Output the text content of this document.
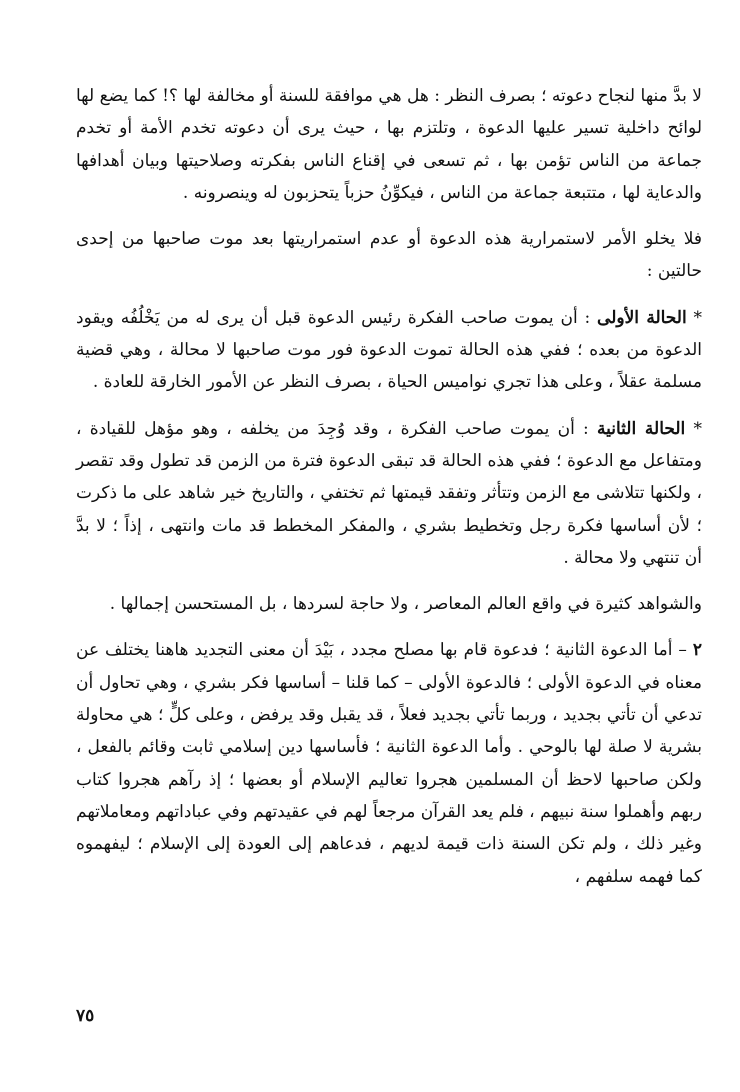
لا بدَّ منها لنجاح دعوته ؛ بصرف النظر : هل هي موافقة للسنة أو مخالفة لها ؟! كما يضع لها لوائح داخلية تسير عليها الدعوة ، وتلتزم بها ، حيث يرى أن دعوته تخدم الأمة أو تخدم جماعة من الناس تؤمن بها ، ثم تسعى في إقناع الناس بفكرته وصلاحيتها وبيان أهدافها والدعاية لها ، متتبعة جماعة من الناس ، فيكوِّنُ حزباً يتحزبون له وينصرونه .

فلا يخلو الأمر لاستمرارية هذه الدعوة أو عدم استمراريتها بعد موت صاحبها من إحدى حالتين :

* الحالة الأولى : أن يموت صاحب الفكرة رئيس الدعوة قبل أن يرى له من يَخْلُفُه ويقود الدعوة من بعده ؛ ففي هذه الحالة تموت الدعوة فور موت صاحبها لا محالة ، وهي قضية مسلمة عقلاً ، وعلى هذا تجري نواميس الحياة ، بصرف النظر عن الأمور الخارقة للعادة .

* الحالة الثانية : أن يموت صاحب الفكرة ، وقد وُجِدَ من يخلفه ، وهو مؤهل للقيادة ، ومتفاعل مع الدعوة ؛ ففي هذه الحالة قد تبقى الدعوة فترة من الزمن قد تطول وقد تقصر ، ولكنها تتلاشى مع الزمن وتتأثر وتفقد قيمتها ثم تختفي ، والتاريخ خير شاهد على ما ذكرت ؛ لأن أساسها فكرة رجل وتخطيط بشري ، والمفكر المخطط قد مات وانتهى ، إذاً ؛ لا بدَّ أن تنتهي ولا محالة .

والشواهد كثيرة في واقع العالم المعاصر ، ولا حاجة لسردها ، بل المستحسن إجمالها .

٢ – أما الدعوة الثانية ؛ فدعوة قام بها مصلح مجدد ، بَيْدَ أن معنى التجديد هاهنا يختلف عن معناه في الدعوة الأولى ؛ فالدعوة الأولى – كما قلنا – أساسها فكر بشري ، وهي تحاول أن تدعي أن تأتي بجديد ، وربما تأتي بجديد فعلاً ، قد يقبل وقد يرفض ، وعلى كلٍّ ؛ هي محاولة بشرية لا صلة لها بالوحي . وأما الدعوة الثانية ؛ فأساسها دين إسلامي ثابت وقائم بالفعل ، ولكن صاحبها لاحظ أن المسلمين هجروا تعاليم الإسلام أو بعضها ؛ إذ رآهم هجروا كتاب ربهم وأهملوا سنة نبيهم ، فلم يعد القرآن مرجعاً لهم في عقيدتهم وفي عباداتهم ومعاملاتهم وغير ذلك ، ولم تكن السنة ذات قيمة لديهم ، فدعاهم إلى العودة إلى الإسلام ؛ ليفهموه كما فهمه سلفهم ،

٧٥
